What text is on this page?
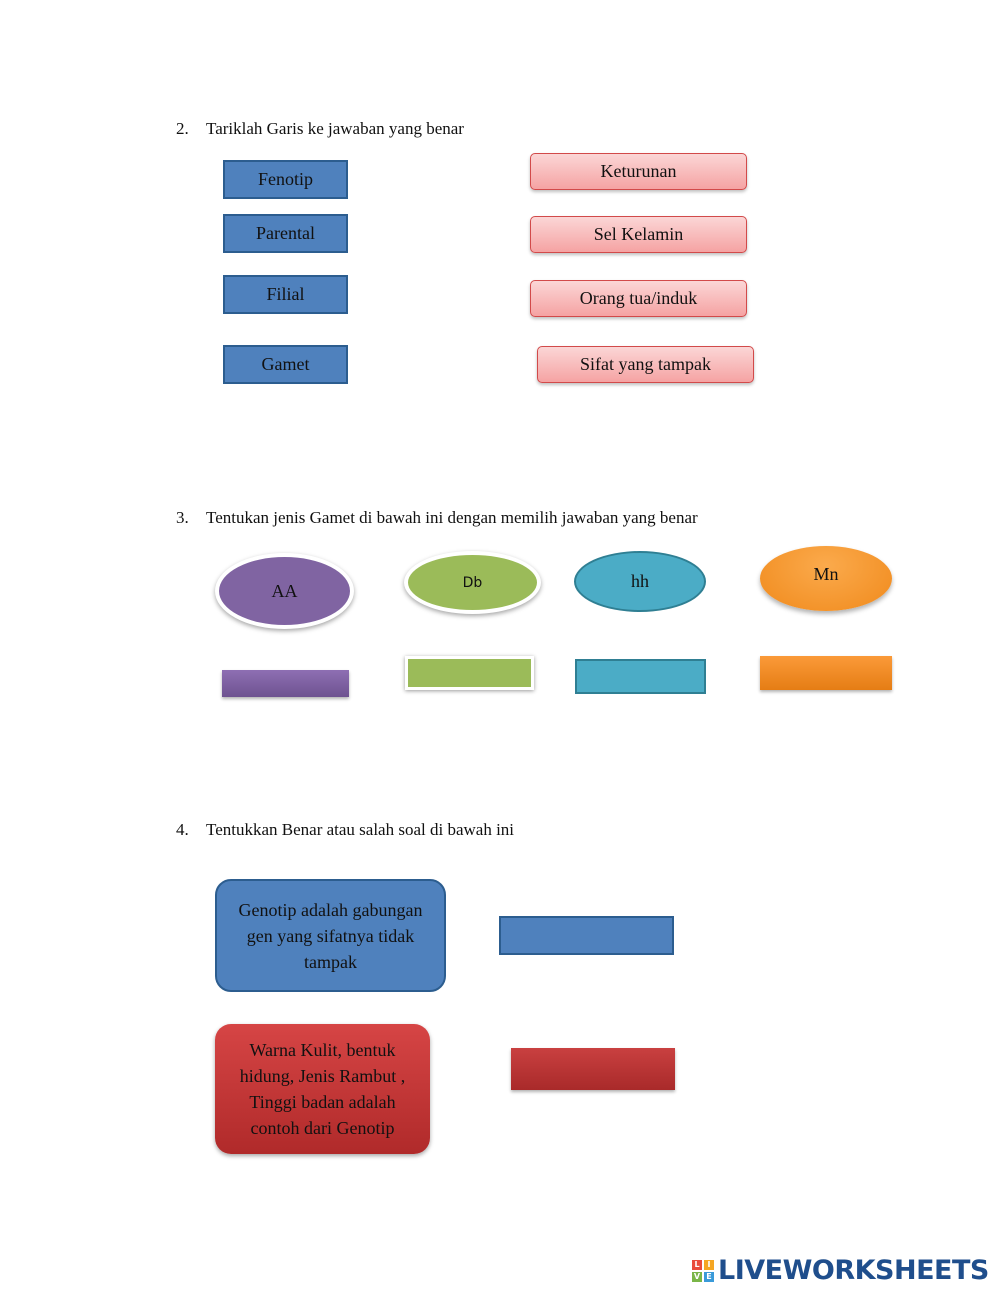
2. Tariklah Garis ke jawaban yang benar
Fenotip
Parental
Filial
Gamet
Keturunan
Sel Kelamin
Orang tua/induk
Sifat yang tampak
3. Tentukan jenis Gamet di bawah ini dengan memilih jawaban yang benar
AA	Db	hh	Mn
4. Tentukkan Benar atau salah soal di bawah ini
Genotip adalah gabungan gen yang sifatnya tidak tampak
Warna Kulit, bentuk hidung, Jenis Rambut , Tinggi badan adalah contoh dari Genotip
L I
V E LIVEWORKSHEETS
